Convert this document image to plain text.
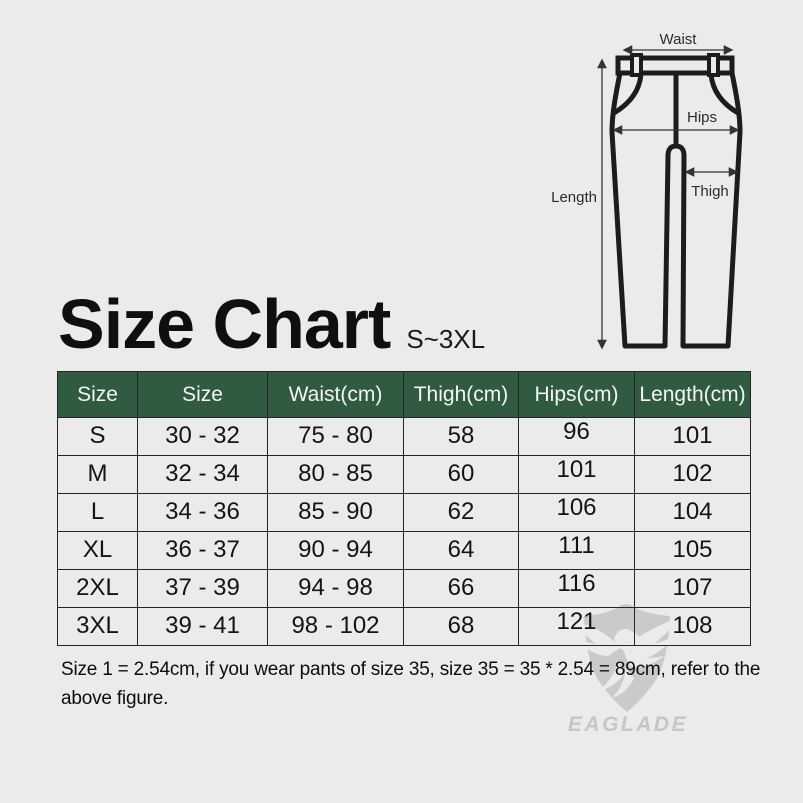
EAGLADE
Waist
Hips
Thigh
Length
Size Chart S~3XL
Size	Size	Waist(cm)	Thigh(cm)	Hips(cm)	Length(cm)
S	30 - 32	75 - 80	58	96	101
M	32 - 34	80 - 85	60	101	102
L	34 - 36	85 - 90	62	106	104
XL	36 - 37	90 - 94	64	111	105
2XL	37 - 39	94 - 98	66	116	107
3XL	39 - 41	98 - 102	68	121	108
Size 1 = 2.54cm, if you wear pants of size 35, size 35 = 35 * 2.54 = 89cm, refer to the
above figure.
